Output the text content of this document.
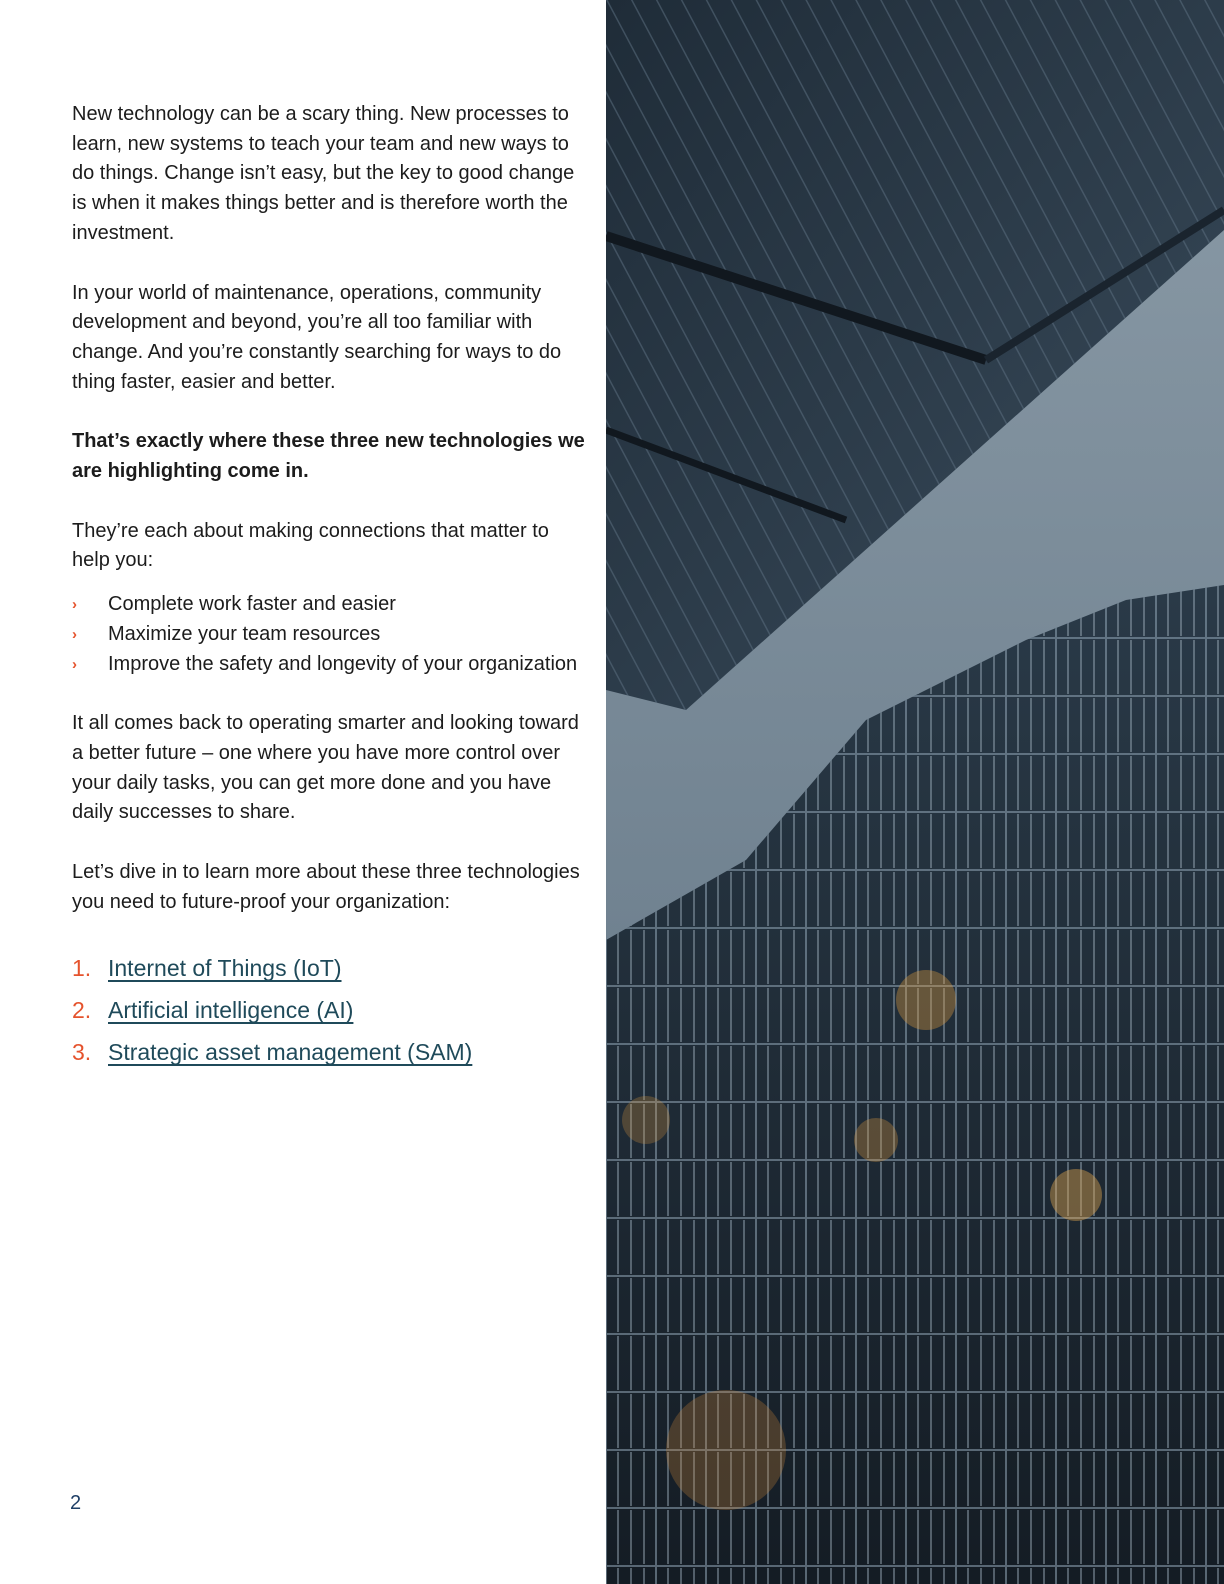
New technology can be a scary thing. New processes to learn, new systems to teach your team and new ways to do things. Change isn’t easy, but the key to good change is when it makes things better and is therefore worth the investment.

In your world of maintenance, operations, community development and beyond, you’re all too familiar with change. And you’re constantly searching for ways to do thing faster, easier and better.

That’s exactly where these three new technologies we are highlighting come in.

They’re each about making connections that matter to help you:

› Complete work faster and easier
› Maximize your team resources
› Improve the safety and longevity of your organization

It all comes back to operating smarter and looking toward a better future – one where you have more control over your daily tasks, you can get more done and you have daily successes to share.

Let’s dive in to learn more about these three technologies you need to future-proof your organization:

1. Internet of Things (IoT)
2. Artificial intelligence (AI)
3. Strategic asset management (SAM)
2
